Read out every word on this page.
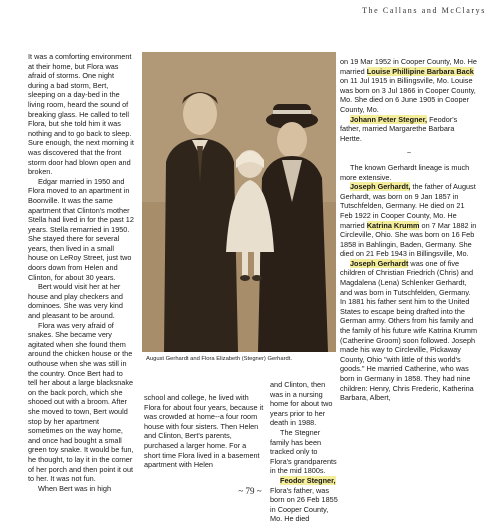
The Callans and McClarys

It was a comforting environment at their home, but Flora was afraid of storms. One night during a bad storm, Bert, sleeping on a day-bed in the living room, heard the sound of breaking glass. He called to tell Flora, but she told him it was nothing and to go back to sleep. Sure enough, the next morning it was discovered that the front storm door had blown open and broken.

Edgar married in 1950 and Flora moved to an apartment in Boonville. It was the same apartment that Clinton's mother Stella had lived in for the past 12 years. Stella remarried in 1950. She stayed there for several years, then lived in a small house on LeRoy Street, just two doors down from Helen and Clinton, for about 30 years.

Bert would visit her at her house and play checkers and dominoes. She was very kind and pleasant to be around.

Flora was very afraid of snakes. She became very agitated when she found them around the chicken house or the outhouse when she was still in the country. Once Bert had to tell her about a large blacksnake on the back porch, which she shooed out with a broom. After she moved to town, Bert would stop by her apartment sometimes on the way home, and once had bought a small green toy snake. It would be fun, he thought, to lay it in the corner of her porch and then point it out to her. It was not fun.

When Bert was in high

August Gerhardt and Flora Elizabeth (Stegner) Gerhardt.

school and college, he lived with Flora for about four years, because it was crowded at home--a four room house with four sisters. Then Helen and Clinton, Bert's parents, purchased a larger home. For a short time Flora lived in a basement apartment with Helen

and Clinton, then was in a nursing home for about two years prior to her death in 1988.

The Stegner family has been tracked only to Flora's grandparents in the mid 1800s.

Feodor Stegner, Flora's father, was born on 26 Feb 1855 in Cooper County, Mo. He died

on 19 Mar 1952 in Cooper County, Mo. He married Louise Phillipine Barbara Back on 11 Jul 1915 in Billingsville, Mo. Louise was born on 3 Jul 1866 in Cooper County, Mo. She died on 6 June 1905 in Cooper County, Mo.

Johann Peter Stegner, Feodor's father, married Margarethe Barbara Hertte.

~

The known Gerhardt lineage is much more extensive.

Joseph Gerhardt, the father of August Gerhardt, was born on 9 Jan 1857 in Tutschfelden, Germany. He died on 21 Feb 1922 in Cooper County, Mo. He married Katrina Krumm on 7 Mar 1882 in Circleville, Ohio. She was born on 16 Feb 1858 in Bahlingin, Baden, Germany. She died on 21 Feb 1943 in Billingsville, Mo.

Joseph Gerhardt was one of five children of Christian Friedrich (Chris) and Magdalena (Lena) Schlenker Gerhardt, and was born in Tutschfelden, Germany. In 1881 his father sent him to the United States to escape being drafted into the German army. Others from his family and the family of his future wife Katrina Krumm (Catherine Groom) soon followed. Joseph made his way to Circleville, Pickaway County, Ohio "with little of this world's goods." He married Catherine, who was born in Germany in 1858. They had nine children: Henry, Chris Frederic, Katherina Barbara, Albert,

~ 79 ~
